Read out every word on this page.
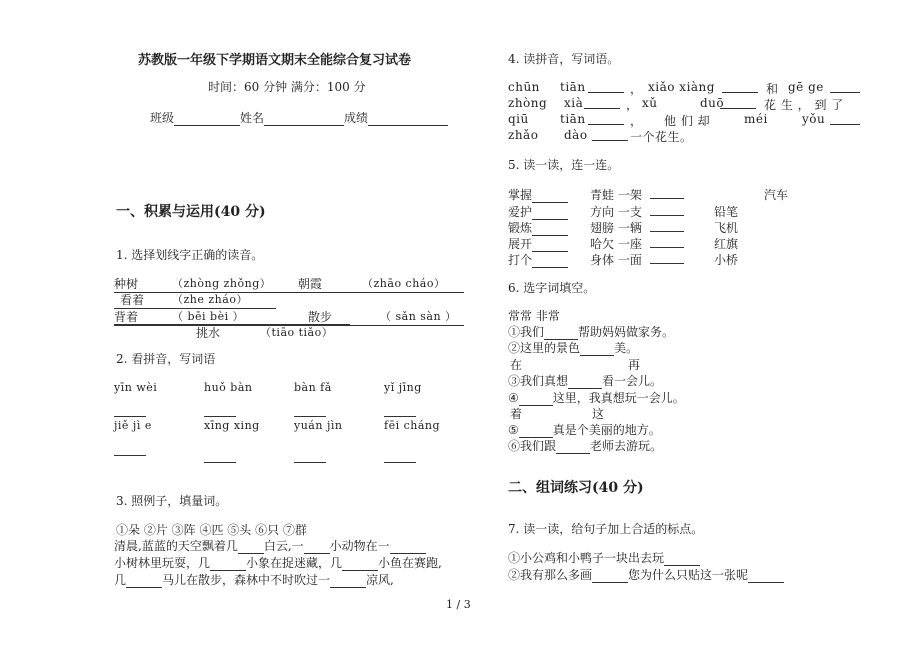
苏教版一年级下学期语文期末全能综合复习试卷
时间：60 分钟 满分：100 分
班级	姓名	成绩
一、积累与运用(40 分)
1. 选择划线字正确的读音。
种树	（zhòng zhǒng） 朝霞	（zhāo cháo）
看着	（zhe zháo）
背着	（ bēi bèi ）	散步	（ sǎn sàn ）
挑水	（tiāo tiǎo）
2. 看拼音，写词语
yīn wèi	huǒ bàn	bàn fǎ	yǐ jīng
jiě jì e	xīng xing	yuán jìn	fēi cháng
3. 照例子，填量词。
①朵 ②片 ③阵 ④匹 ⑤头 ⑥只 ⑦群
清晨,蓝蓝的天空飘着几 白云,一 小动物在一
小树林里玩耍，几	小象在捉迷藏，几	小鱼在赛跑,
几	马儿在散步，森林中不时吹过一	凉风,
4. 读拼音，写词语。
chūn tiān	， xiǎo xiàng	和 gē ge
zhòng xià	， xǔ	duō	花 生 ， 到 了
qiū	tiān	， 他 们 却	méi	yǒu
zhǎo dào	一个花生。
5. 读一读，连一连。
掌握	青蛙 一架	汽车
爱护	方向 一支	铅笔
锻炼	翅膀 一辆	飞机
展开	哈欠 一座	红旗
打个	身体 一面	小桥
6. 选字词填空。
常常 非常
①我们	帮助妈妈做家务。
②这里的景色	美。
在	再
③我们真想	看一会儿。
④	这里，我真想玩一会儿。
着	这
⑤	真是个美丽的地方。
⑥我们跟	老师去游玩。
二、组词练习(40 分)
7. 读一读，给句子加上合适的标点。
①小公鸡和小鸭子一块出去玩
②我有那么多画	您为什么只贴这一张呢
1 / 3
